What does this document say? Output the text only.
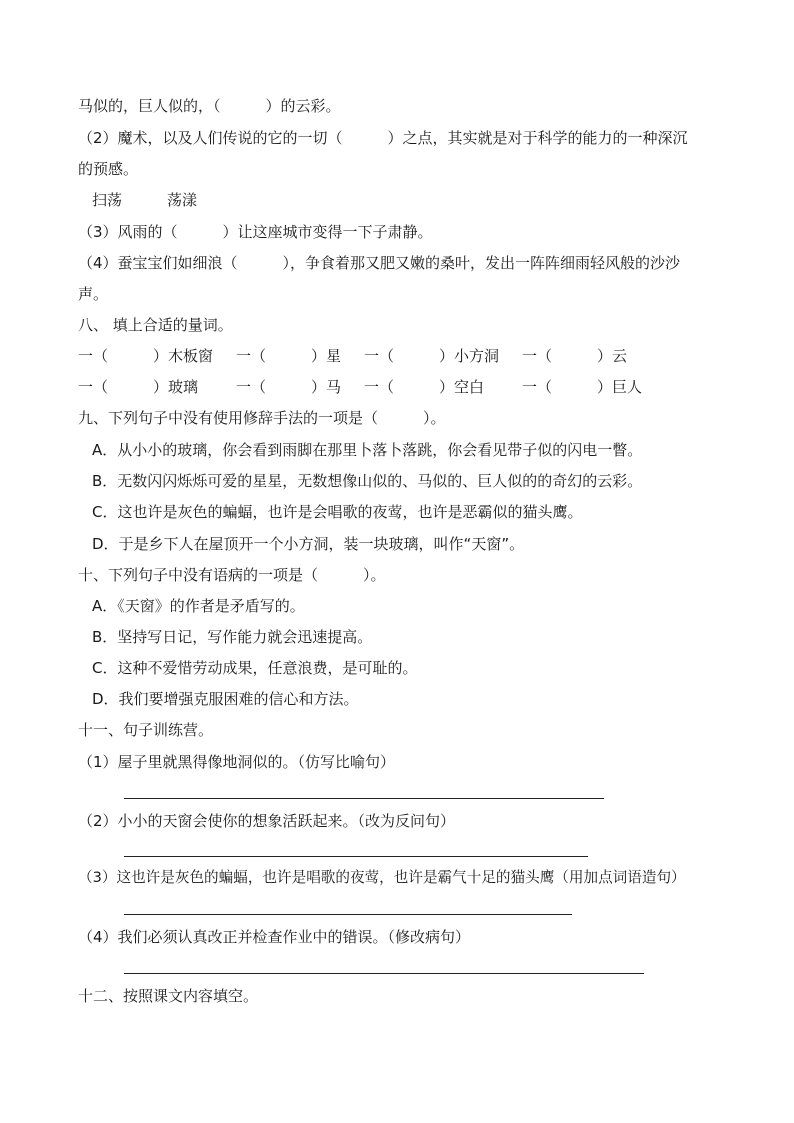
马似的，巨人似的，（　　　）的云彩。
（2）魔术，以及人们传说的它的一切（　　　）之点，其实就是对于科学的能力的一种深沉
的预感。
扫荡　　　荡漾
（3）风雨的（　　　）让这座城市变得一下子肃静。
（4）蚕宝宝们如细浪（　　　），争食着那又肥又嫩的桑叶，发出一阵阵细雨轻风般的沙沙
声。
八、 填上合适的量词。
一（　　　）木板窗 一（　　　）星 一（　　　）小方洞 一（　　　）云
一（　　　）玻璃	一（　　　）马 一（　　　）空白	一（　　　）巨人
九、下列句子中没有使用修辞手法的一项是（　　　）。
A．从小小的玻璃，你会看到雨脚在那里卜落卜落跳，你会看见带子似的闪电一瞥。
B．无数闪闪烁烁可爱的星星，无数想像山似的、马似的、巨人似的的奇幻的云彩。
C．这也许是灰色的蝙蝠，也许是会唱歌的夜莺，也许是恶霸似的猫头鹰。
D．于是乡下人在屋顶开一个小方洞，装一块玻璃，叫作“天窗”。
十、下列句子中没有语病的一项是（　　　）。
A．《天窗》的作者是矛盾写的。
B．坚持写日记，写作能力就会迅速提高。
C．这种不爱惜劳动成果，任意浪费，是可耻的。
D．我们要增强克服困难的信心和方法。
十一、句子训练营。
（1）屋子里就黑得像地洞似的。（仿写比喻句）
（2）小小的天窗会使你的想象活跃起来。（改为反问句）
（3）这也许是灰色的蝙蝠，也许是唱歌的夜莺，也许是霸气十足的猫头鹰（用加点词语造句）
（4）我们必须认真改正并检查作业中的错误。（修改病句）
十二、按照课文内容填空。
